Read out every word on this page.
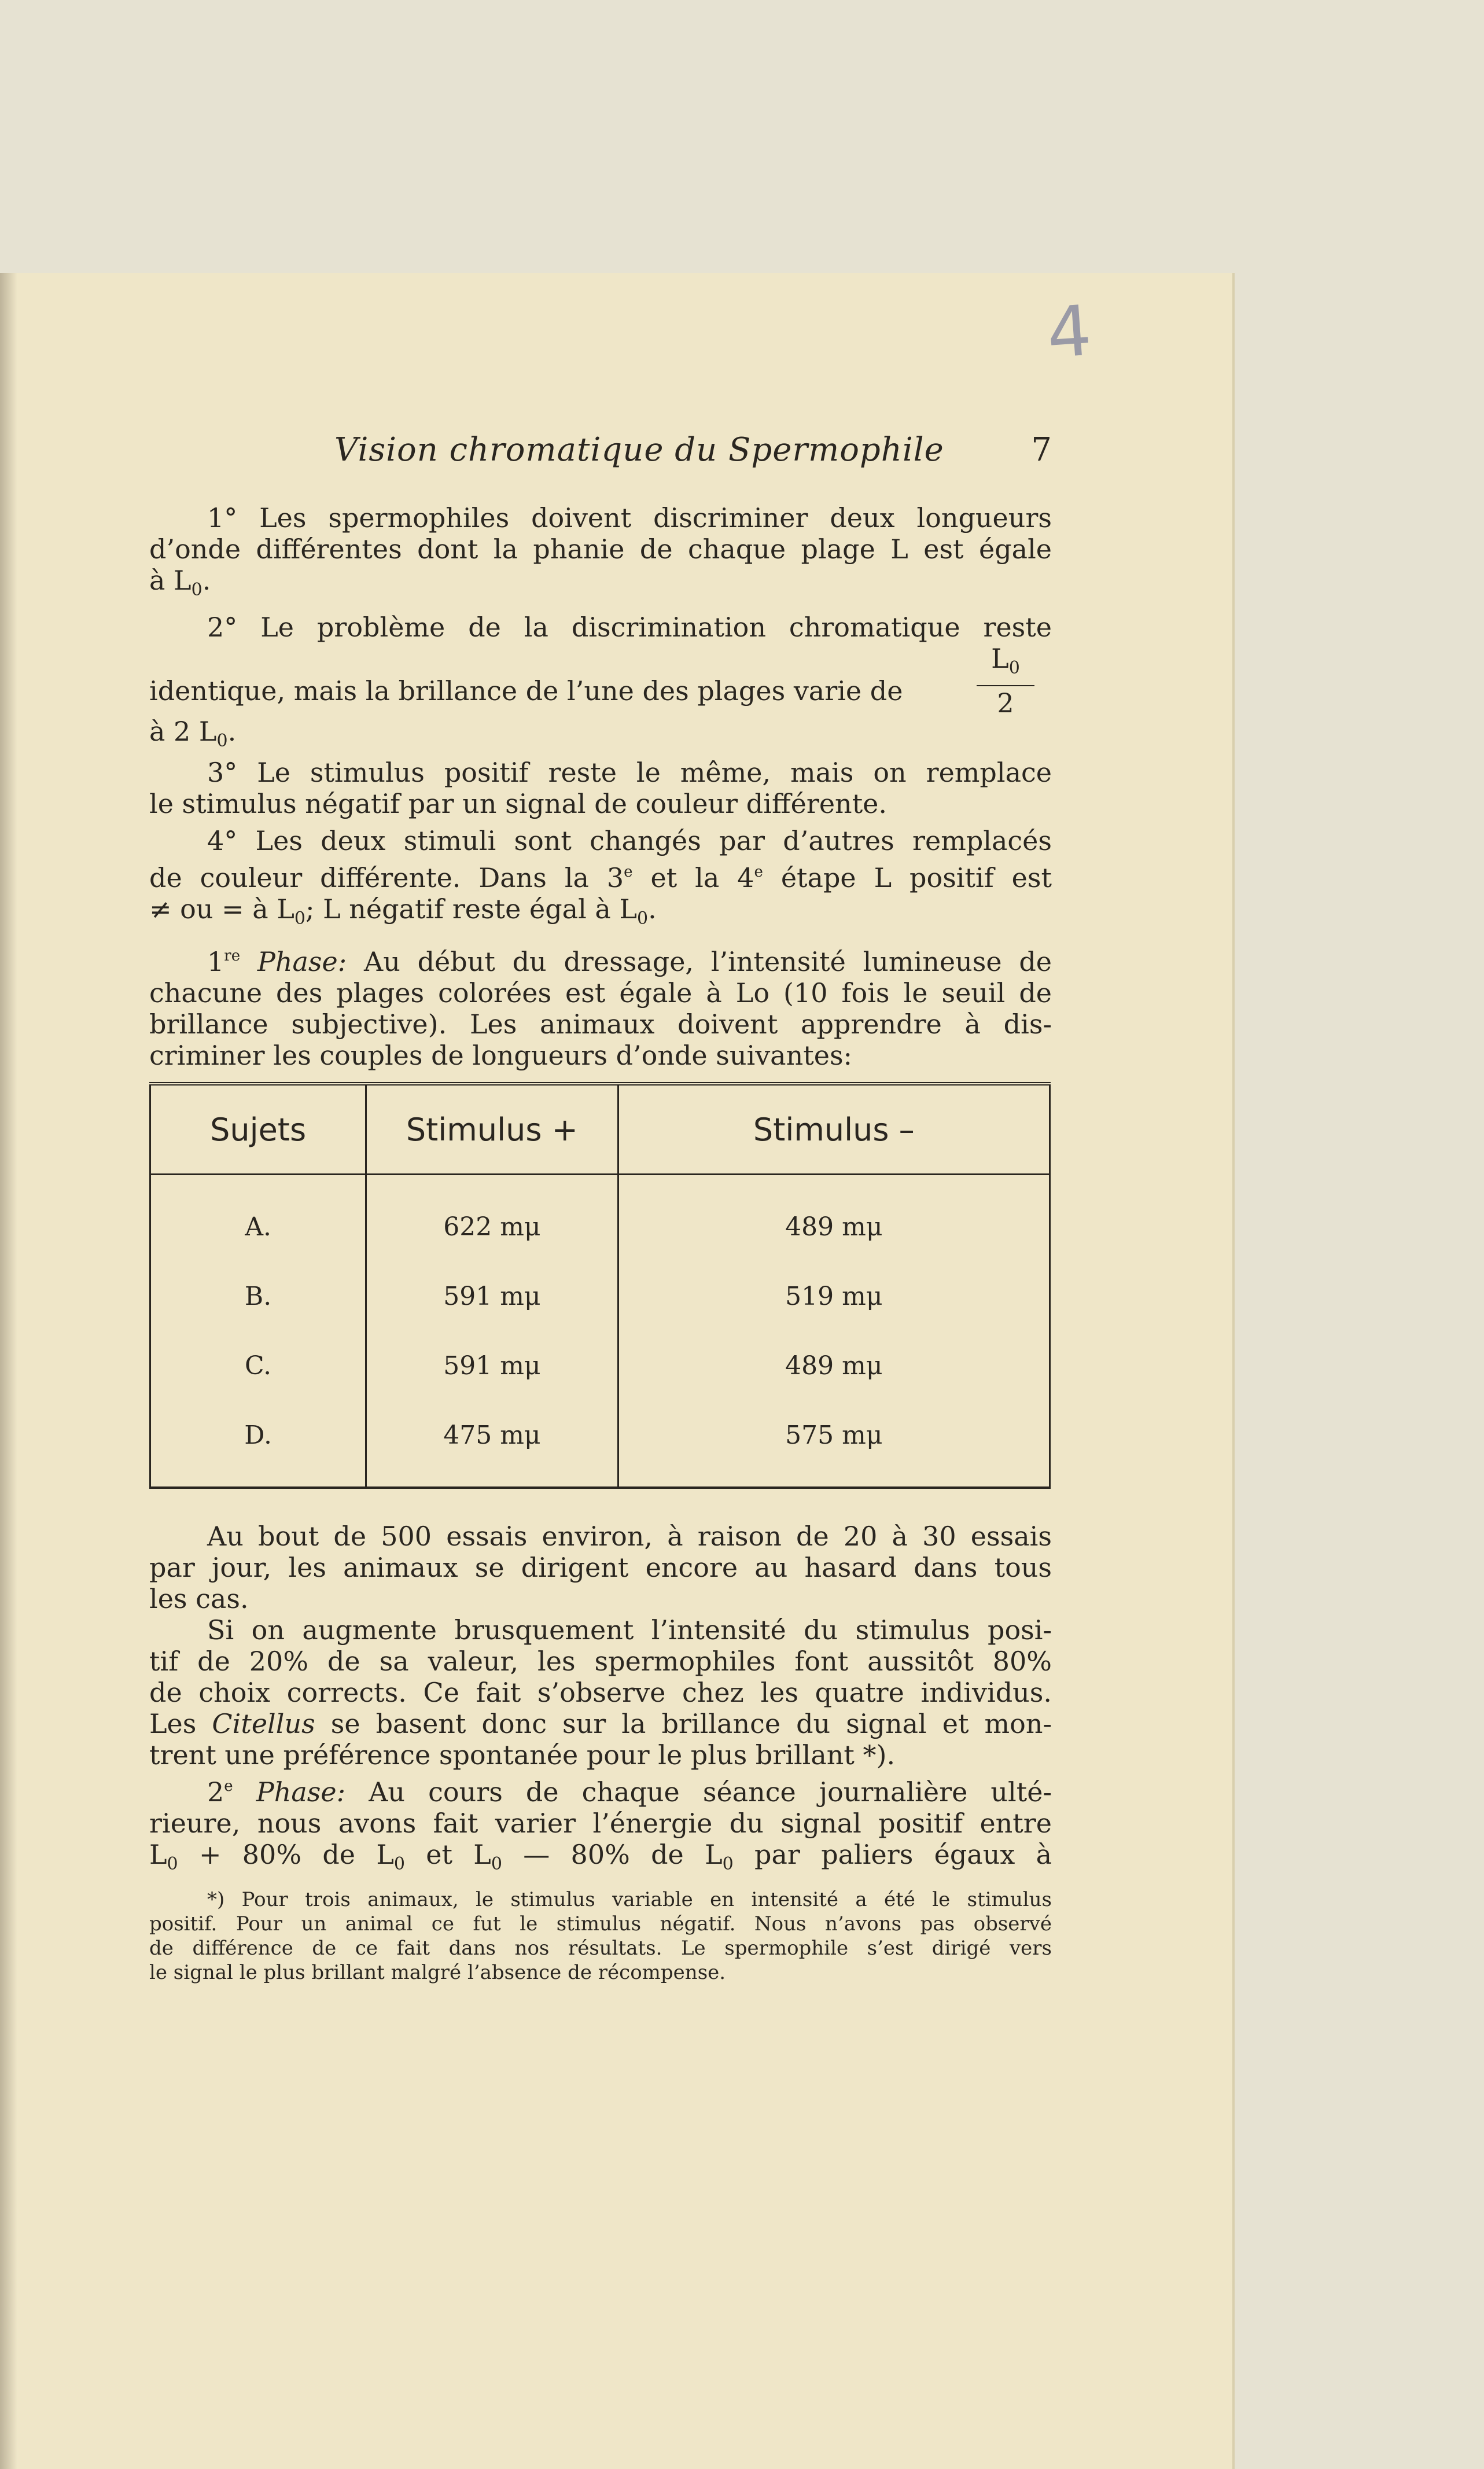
4
Vision chromatique du Spermophile	7
1° Les spermophiles doivent discriminer deux longueurs
d’onde différentes dont la phanie de chaque plage L est égale
à $L_0$.
2° Le problème de la discrimination chromatique reste
identique, mais la brillance de l’une des plages varie de
$L_0$
2
à 2 $L_0$.
3° Le stimulus positif reste le même, mais on remplace
le stimulus négatif par un signal de couleur différente.
4° Les deux stimuli sont changés par d’autres remplacés
de couleur différente. Dans la 3e et la 4e étape L positif est
≠ ou = à $L_0$; L négatif reste égal à $L_0$.
1re Phase: Au début du dressage, l’intensité lumineuse de
chacune des plages colorées est égale à Lo (10 fois le seuil de
brillance subjective). Les animaux doivent apprendre à dis-
criminer les couples de longueurs d’onde suivantes:
Sujets	Stimulus +	Stimulus –
A.	622 mμ	489 mμ
B.	591 mμ	519 mμ
C.	591 mμ	489 mμ
D.	475 mμ	575 mμ
Au bout de 500 essais environ, à raison de 20 à 30 essais
par jour, les animaux se dirigent encore au hasard dans tous
les cas.
Si on augmente brusquement l’intensité du stimulus posi-
tif de 20% de sa valeur, les spermophiles font aussitôt 80%
de choix corrects. Ce fait s’observe chez les quatre individus.
Les Citellus se basent donc sur la brillance du signal et mon-
trent une préférence spontanée pour le plus brillant *).
2e Phase: Au cours de chaque séance journalière ulté-
rieure, nous avons fait varier l’énergie du signal positif entre
$L_0 + 80\%$ de $L_0$ et $L_0$ — 80% de $L_0$ par paliers égaux à
*) Pour trois animaux, le stimulus variable en intensité a été le stimulus
positif. Pour un animal ce fut le stimulus négatif. Nous n’avons pas observé
de différence de ce fait dans nos résultats. Le spermophile s’est dirigé vers
le signal le plus brillant malgré l’absence de récompense.
